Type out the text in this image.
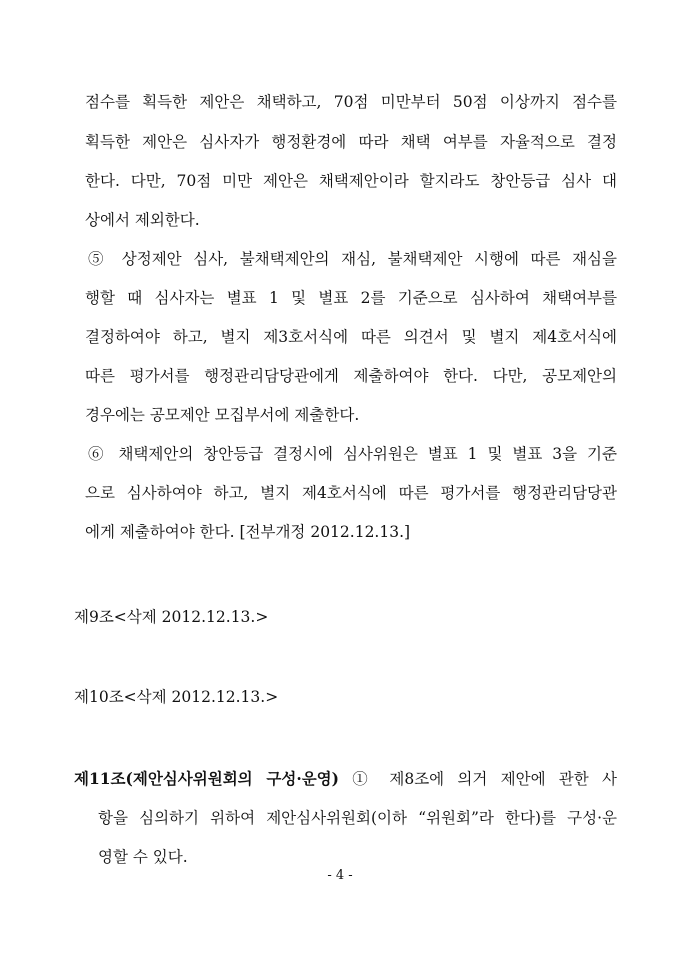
점수를 획득한 제안은 채택하고, 70점 미만부터 50점 이상까지 점수를
획득한 제안은 심사자가 행정환경에 따라 채택 여부를 자율적으로 결정
한다. 다만, 70점 미만 제안은 채택제안이라 할지라도 창안등급 심사 대
상에서 제외한다.
⑤ 상정제안 심사, 불채택제안의 재심, 불채택제안 시행에 따른 재심을
행할 때 심사자는 별표 1 및 별표 2를 기준으로 심사하여 채택여부를
결정하여야 하고, 별지 제3호서식에 따른 의견서 및 별지 제4호서식에
따른 평가서를 행정관리담당관에게 제출하여야 한다. 다만, 공모제안의
경우에는 공모제안 모집부서에 제출한다.
⑥ 채택제안의 창안등급 결정시에 심사위원은 별표 1 및 별표 3을 기준
으로 심사하여야 하고, 별지 제4호서식에 따른 평가서를 행정관리담당관
에게 제출하여야 한다. [전부개정 2012.12.13.]
제9조<삭제 2012.12.13.>
제10조<삭제 2012.12.13.>
제11조(제안심사위원회의 구성·운영) ① 제8조에 의거 제안에 관한 사
항을 심의하기 위하여 제안심사위원회(이하 “위원회”라 한다)를 구성·운
영할 수 있다.
- 4 -
